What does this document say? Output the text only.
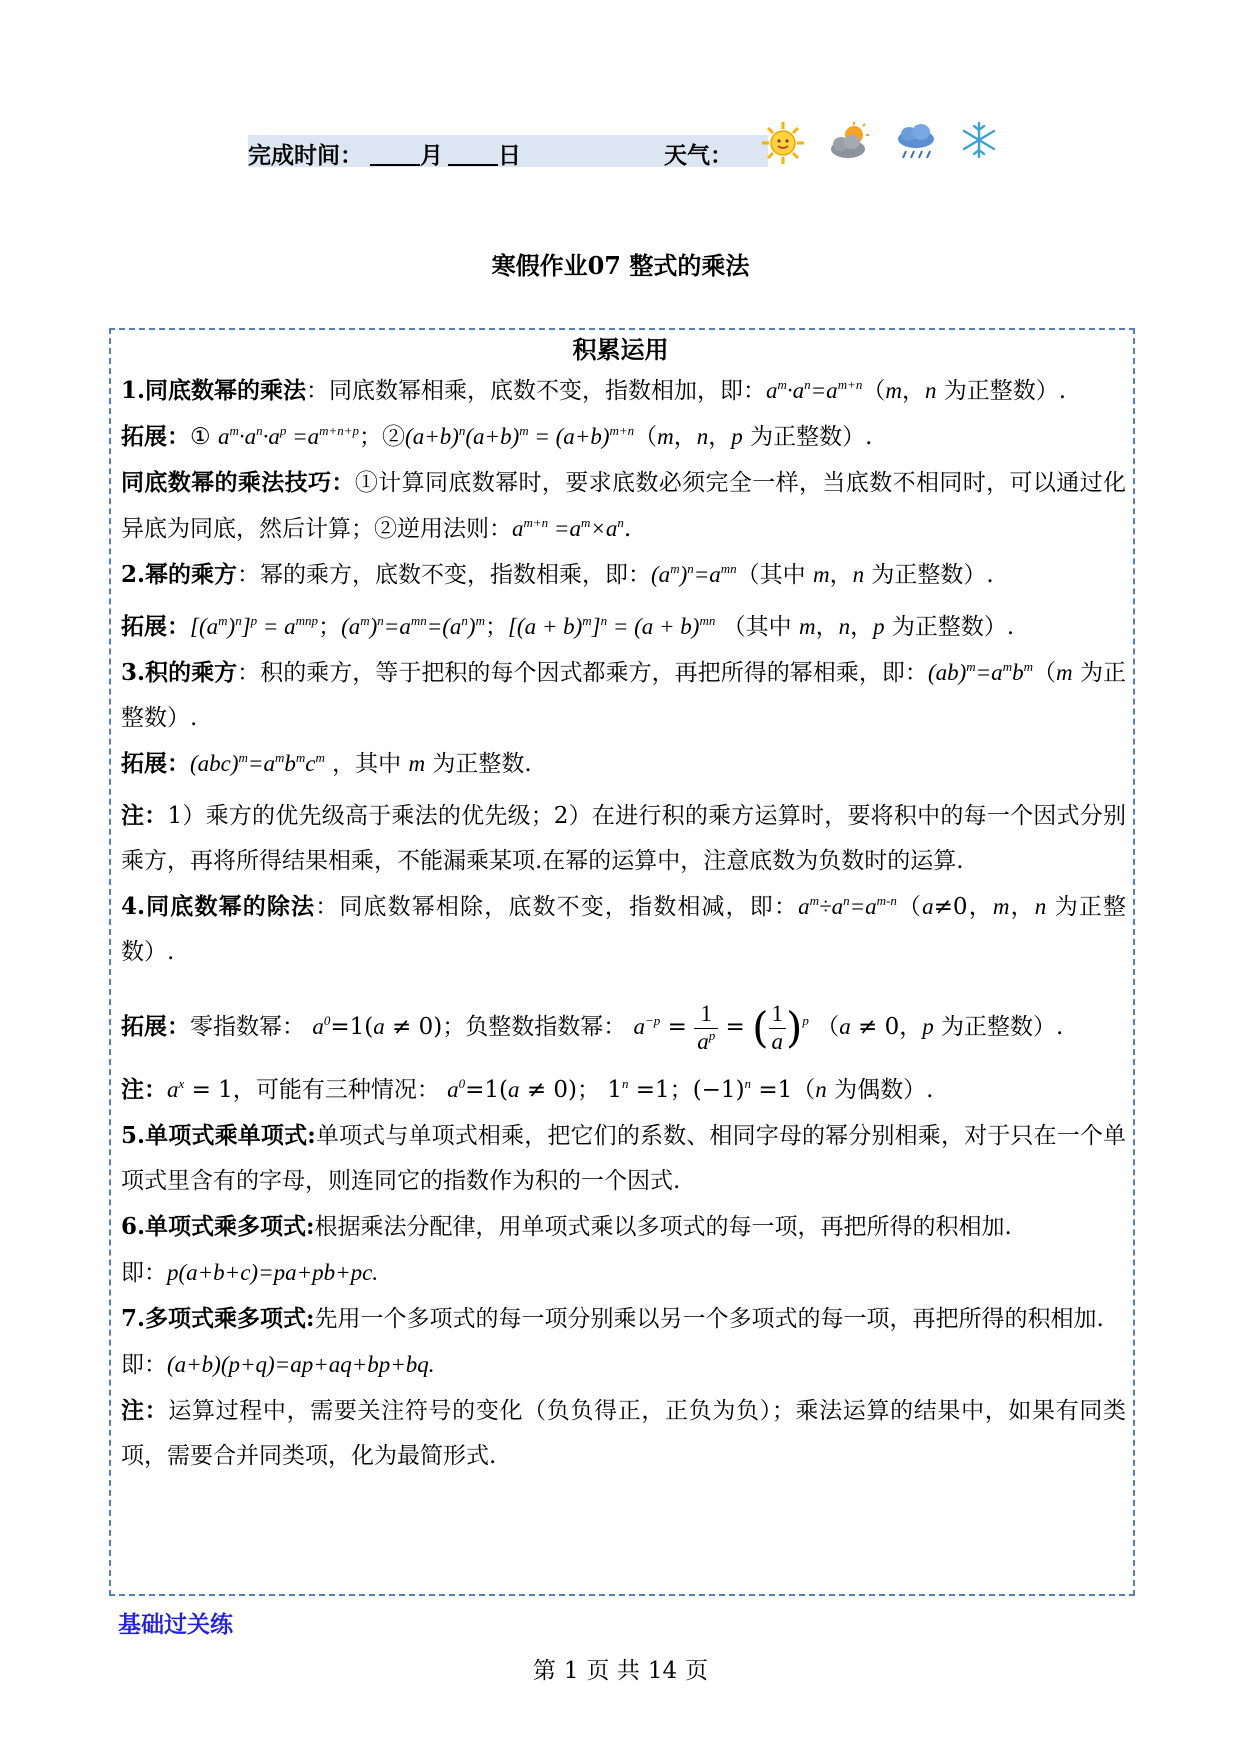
完成时间：	月	日	天气：
寒假作业07 整式的乘法
积累运用

1.同底数幂的乘法：同底数幂相乘，底数不变，指数相加，即：$a^m\cdot a^n=a^{m+n}(m$，n 为正整数）.

拓展：① $a^m\cdot a^n\cdot a^p =a^{m+n+p}$；$②(a+b)^n(a+b)^m = (a+b)^{m+n}(m$，n，p 为正整数）.

同底数幂的乘法技巧：①计算同底数幂时，要求底数必须完全一样，当底数不相同时，可以通过化异底为同底，然后计算；②逆用法则：$a^{m+n} =a^m\times a^n$.

2.幂的乘方：幂的乘方，底数不变，指数相乘，即：$(a^m)^n=a^{mn}$（其中 m，n 为正整数）.

拓展：$[(a^m)^n]^p = a^{mnp}$；$(a^m)^n=a^{mn}=(a^n)^m$；$[(a + b)^m]^n = (a + b)^{mn}$ （其中 m，n，p 为正整数）.

3.积的乘方：积的乘方，等于把积的每个因式都乘方，再把所得的幂相乘，即：$(ab)^m=a^mb^m(m$ 为正整数）.

拓展：$(abc)^m=a^mb^mc^m$ ，其中 m 为正整数.

注：1）乘方的优先级高于乘法的优先级；2）在进行积的乘方运算时，要将积中的每一个因式分别乘方，再将所得结果相乘，不能漏乘某项.在幂的运算中，注意底数为负数时的运算.

4.同底数幂的除法：同底数幂相除，底数不变，指数相减，即：$a^m\div a^n=a^{m-n}(a\ne 0$，m，n 为正整数）.

拓展：零指数幂： $a^0=1(a \ne 0)$；负整数指数幂： $a^{-p} = \frac{1}{a^p}$ = ( $\frac{1}{a} )^p$ （a ≠ 0，p 为正整数）.

注：$a^x = 1$，可能有三种情况： $a^0=1(a \ne 0)$； $1^n =1$；$(-1)^n =1(n$ 为偶数）.

5.单项式乘单项式:单项式与单项式相乘，把它们的系数、相同字母的幂分别相乘，对于只在一个单项式里含有的字母，则连同它的指数作为积的一个因式.

6.单项式乘多项式:根据乘法分配律，用单项式乘以多项式的每一项，再把所得的积相加.

即：p(a+b+c)=pa+pb+pc.

7.多项式乘多项式:先用一个多项式的每一项分别乘以另一个多项式的每一项，再把所得的积相加.

即：(a+b)(p+q)=ap+aq+bp+bq.

注：运算过程中，需要关注符号的变化（负负得正，正负为负）；乘法运算的结果中，如果有同类项，需要合并同类项，化为最简形式.

基础过关练
第 1 页 共 14 页
